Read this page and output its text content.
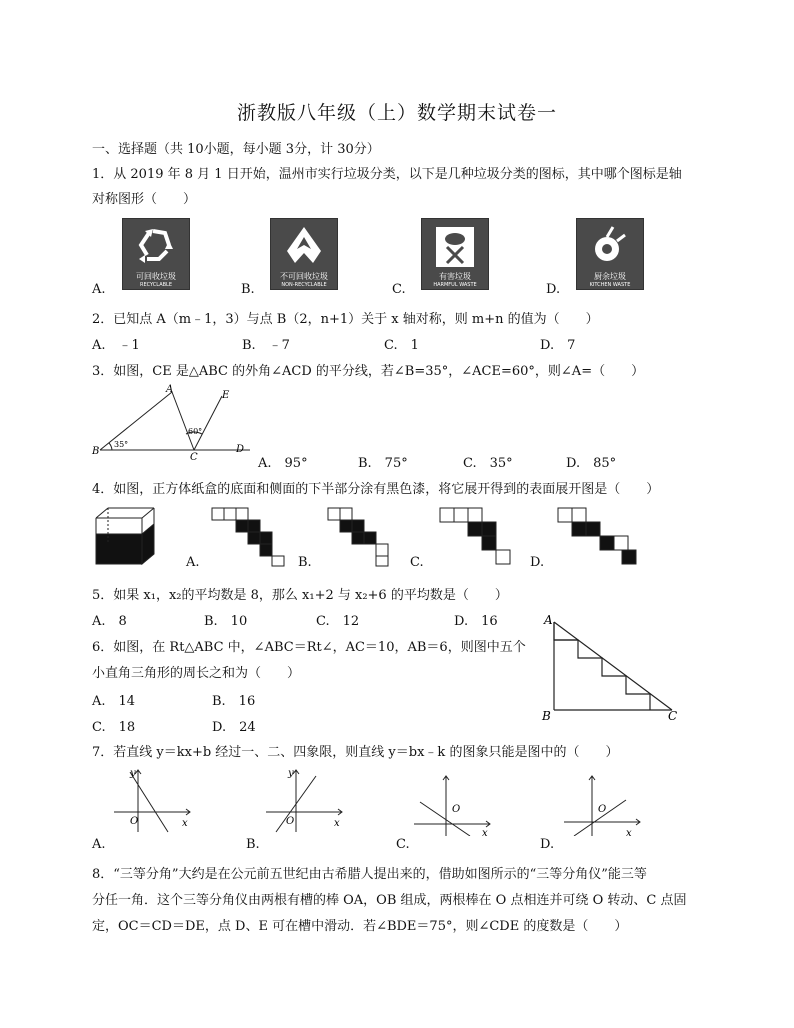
浙教版八年级（上）数学期末试卷一
一、选择题（共 10小题，每小题 3分，计 30分）
1．从 2019 年 8 月 1 日开始，温州市实行垃圾分类，以下是几种垃圾分类的图标，其中哪个图标是轴
对称图形（　　）
可回收垃圾
RECYCLABLE
不可回收垃圾
NON-RECYCLABLE
有害垃圾
HARMFUL WASTE
厨余垃圾
KITCHEN WASTE
A.	B.	C.	D.
2．已知点 A（m﹣1，3）与点 B（2，n+1）关于 x 轴对称，则 m+n 的值为（　　）
A.　﹣1	B.　﹣7	C.　1	D.　7
3．如图，CE 是△ABC 的外角∠ACD 的平分线，若∠B=35°，∠ACE=60°，则∠A=（　　）
A
B
C
D
E
35°
60°
A.　95°	B.　75°	C.　35°	D.　85°
4．如图，正方体纸盒的底面和侧面的下半部分涂有黑色漆，将它展开得到的表面展开图是（　　）
A.	B.	C.	D.
5．如果 x₁，x₂的平均数是 8，那么 x₁+2 与 x₂+6 的平均数是（　　）
A.　8	B.　10	C.　12	D.　16
6．如图，在 Rt△ABC 中，∠ABC＝Rt∠，AC＝10，AB＝6，则图中五个
小直角三角形的周长之和为（　　）
A.　14	B.　16
C.　18	D.　24
A
B	C
7．若直线 y＝kx+b 经过一、二、四象限，则直线 y＝bx﹣k 的图象只能是图中的（　　）
y
x
O
A.
y
x
O
B.
O
x
C.
O
x
D.
8．“三等分角”大约是在公元前五世纪由古希腊人提出来的，借助如图所示的“三等分角仪”能三等
分任一角．这个三等分角仪由两根有槽的棒 OA，OB 组成，两根棒在 O 点相连并可绕 O 转动、C 点固
定，OC＝CD＝DE，点 D、E 可在槽中滑动．若∠BDE＝75°，则∠CDE 的度数是（　　）
